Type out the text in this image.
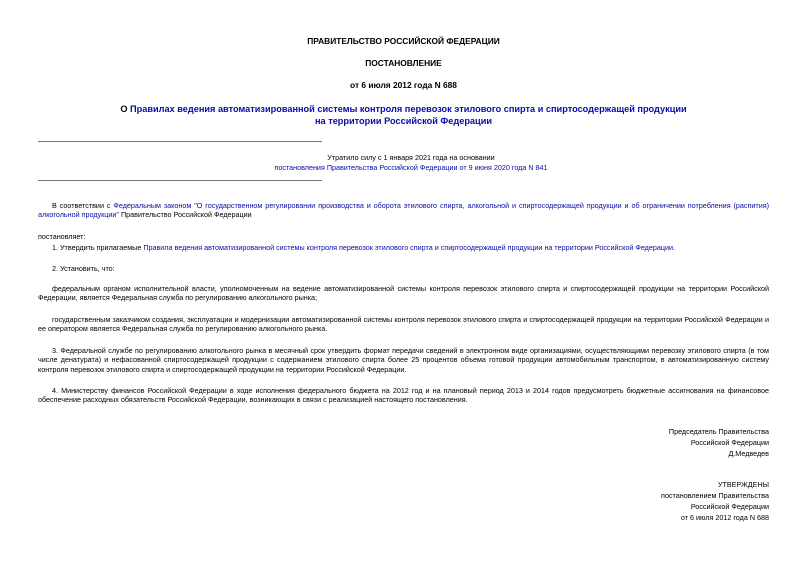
ПРАВИТЕЛЬСТВО РОССИЙСКОЙ ФЕДЕРАЦИИ
ПОСТАНОВЛЕНИЕ
от 6 июля 2012 года N 688
О Правилах ведения автоматизированной системы контроля перевозок этилового спирта и спиртосодержащей продукции
на территории Российской Федерации
Утратило силу с 1 января 2021 года на основании
постановления Правительства Российской Федерации от 9 июня 2020 года N 841
В соответствии с Федеральным законом "О государственном регулировании производства и оборота этилового спирта, алкогольной и спиртосодержащей продукции и об ограничении потребления (распития) алкогольной продукции" Правительство Российской Федерации
постановляет:
1. Утвердить прилагаемые Правила ведения автоматизированной системы контроля перевозок этилового спирта и спиртосодержащей продукции на территории Российской Федерации.
2. Установить, что:
федеральным органом исполнительной власти, уполномоченным на ведение автоматизированной системы контроля перевозок этилового спирта и спиртосодержащей продукции на территории Российской Федерации, является Федеральная служба по регулированию алкогольного рынка;
государственным заказчиком создания, эксплуатации и модернизации автоматизированной системы контроля перевозок этилового спирта и спиртосодержащей продукции на территории Российской Федерации и ее оператором является Федеральная служба по регулированию алкогольного рынка.
3. Федеральной службе по регулированию алкогольного рынка в месячный срок утвердить формат передачи сведений в электронном виде организациями, осуществляющими перевозку этилового спирта (в том числе денатурата) и нефасованной спиртосодержащей продукции с содержанием этилового спирта более 25 процентов объема готовой продукции автомобильным транспортом, в автоматизированную систему контроля перевозок этилового спирта и спиртосодержащей продукции на территории Российской Федерации.
4. Министерству финансов Российской Федерации в ходе исполнения федерального бюджета на 2012 год и на плановый период 2013 и 2014 годов предусмотреть бюджетные ассигнования на финансовое обеспечение расходных обязательств Российской Федерации, возникающих в связи с реализацией настоящего постановления.
Председатель Правительства
Российской Федерации
Д.Медведев
УТВЕРЖДЕНЫ
постановлением Правительства
Российской Федерации
от 6 июля 2012 года N 688
